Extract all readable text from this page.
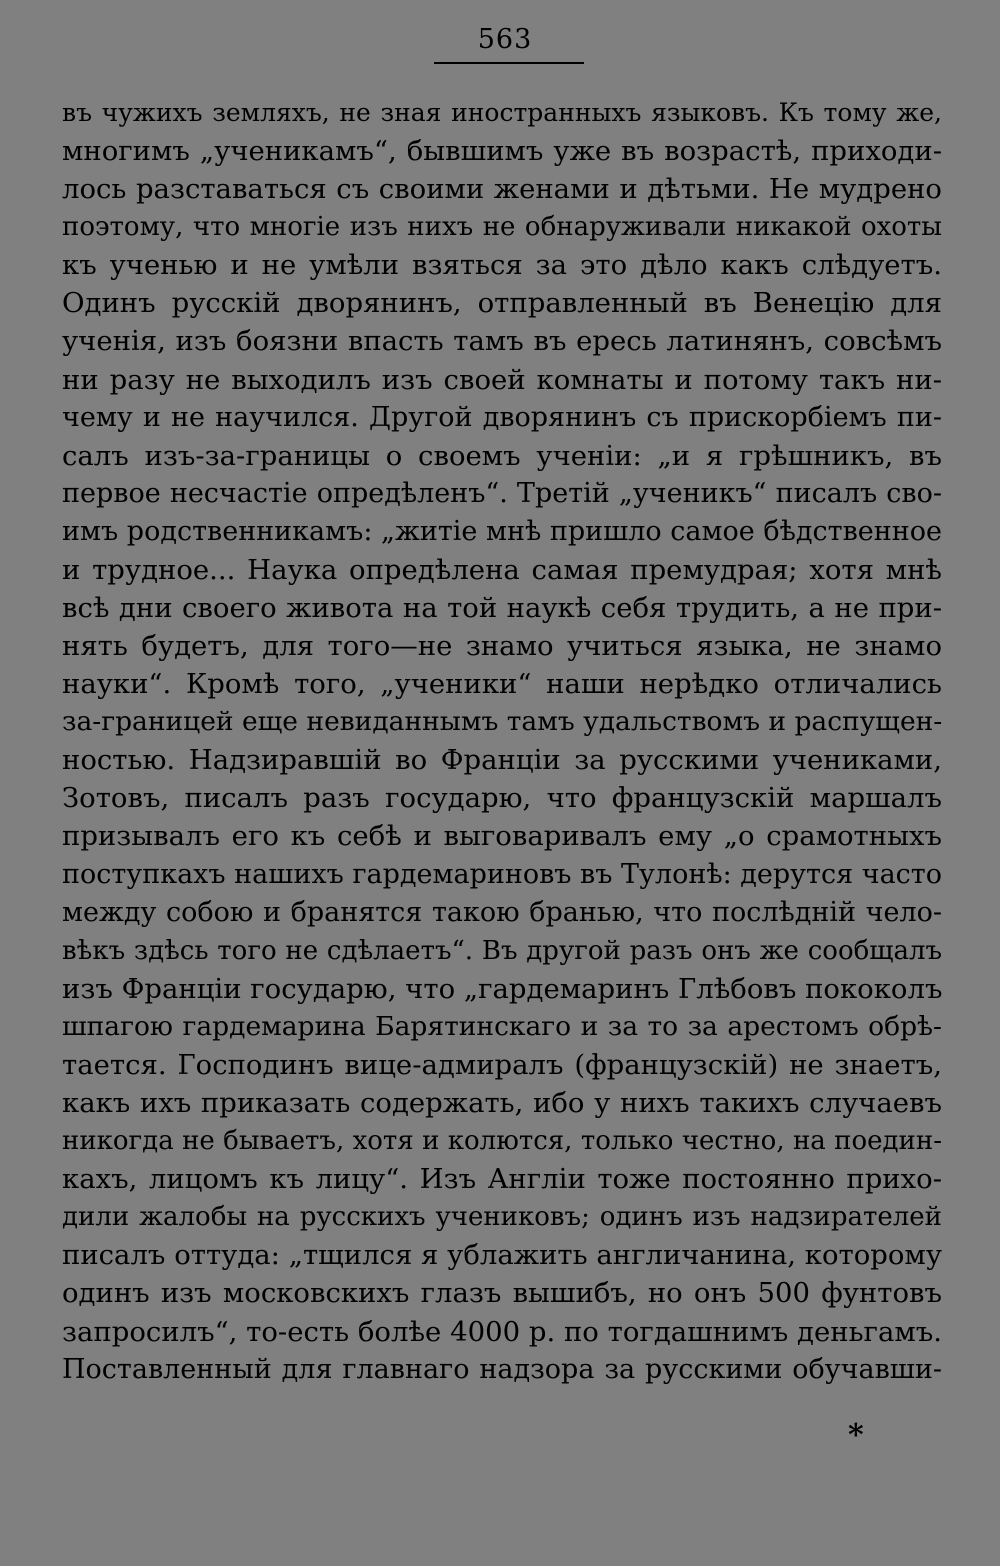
563
въ чужихъ земляхъ, не зная иностранныхъ языковъ. Къ тому же,
многимъ „ученикамъ“, бывшимъ уже въ возрастѣ, приходи-
лось разставаться съ своими женами и дѣтьми. Не мудрено
поэтому, что многіе изъ нихъ не обнаруживали никакой охоты
къ ученью и не умѣли взяться за это дѣло какъ слѣдуетъ.
Одинъ русскій дворянинъ, отправленный въ Венецію для
ученія, изъ боязни впасть тамъ въ ересь латинянъ, совсѣмъ
ни разу не выходилъ изъ своей комнаты и потому такъ ни-
чему и не научился. Другой дворянинъ съ прискорбіемъ пи-
салъ изъ-за-границы о своемъ ученіи: „и я грѣшникъ, въ
первое несчастіе опредѣленъ“. Третій „ученикъ“ писалъ сво-
имъ родственникамъ: „житіе мнѣ пришло самое бѣдственное
и трудное... Наука опредѣлена самая премудрая; хотя мнѣ
всѣ дни своего живота на той наукѣ себя трудить, а не при-
нять будетъ, для того—не знамо учиться языка, не знамо
науки“. Кромѣ того, „ученики“ наши нерѣдко отличались
за-границей еще невиданнымъ тамъ удальствомъ и распущен-
ностью. Надзиравшій во Франціи за русскими учениками,
Зотовъ, писалъ разъ государю, что французскій маршалъ
призывалъ его къ себѣ и выговаривалъ ему „о срамотныхъ
поступкахъ нашихъ гардемариновъ въ Тулонѣ: дерутся часто
между собою и бранятся такою бранью, что послѣдній чело-
вѣкъ здѣсь того не сдѣлаетъ“. Въ другой разъ онъ же сообщалъ
изъ Франціи государю, что „гардемаринъ Глѣбовъ пококолъ
шпагою гардемарина Барятинскаго и за то за арестомъ обрѣ-
тается. Господинъ вице-адмиралъ (французскій) не знаетъ,
какъ ихъ приказать содержать, ибо у нихъ такихъ случаевъ
никогда не бываетъ, хотя и колются, только честно, на поедин-
кахъ, лицомъ къ лицу“. Изъ Англіи тоже постоянно прихо-
дили жалобы на русскихъ учениковъ; одинъ изъ надзирателей
писалъ оттуда: „тщился я ублажить англичанина, которому
одинъ изъ московскихъ глазъ вышибъ, но онъ 500 фунтовъ
запросилъ“, то-есть болѣе 4000 р. по тогдашнимъ деньгамъ.
Поставленный для главнаго надзора за русскими обучавши-
*
